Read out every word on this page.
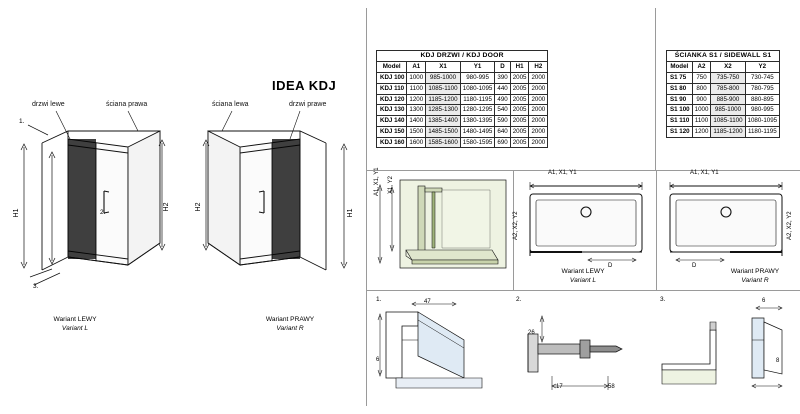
IDEA KDJ
H1
H2
H1
H2
1.
2.
3.
drzwi lewe	ściana prawa	ściana lewa	drzwi prawe
Wariant LEWY
Variant L
Wariant PRAWY
Variant R
KDJ DRZWI / KDJ DOOR						
Model	A1	X1	Y1	D	H1	H2
KDJ 100	1000	985-1000	980-995	390	2005	2000
KDJ 110	1100	1085-1100	1080-1095	440	2005	2000
KDJ 120	1200	1185-1200	1180-1195	490	2005	2000
KDJ 130	1300	1285-1300	1280-1295	540	2005	2000
KDJ 140	1400	1385-1400	1380-1395	590	2005	2000
KDJ 150	1500	1485-1500	1480-1495	640	2005	2000
KDJ 160	1600	1585-1600	1580-1595	690	2005	2000
ŚCIANKA S1 / SIDEWALL S1			
Model	A2	X2	Y2
S1 75	750	735-750	730-745
S1 80	800	785-800	780-795
S1 90	900	885-900	880-895
S1 100	1000	985-1000	980-995
S1 110	1100	1085-1100	1080-1095
S1 120	1200	1185-1200	1180-1195
A1, X1, Y1 X1, Y2
A1, X1, Y1
A2, X2, Y2
D
Wariant LEWY
Variant L
A1, X1, Y1
A2, X2, Y2
D
Wariant PRAWY
Variant R
1.	47
6
2.
26
17	58
3.	6
8
